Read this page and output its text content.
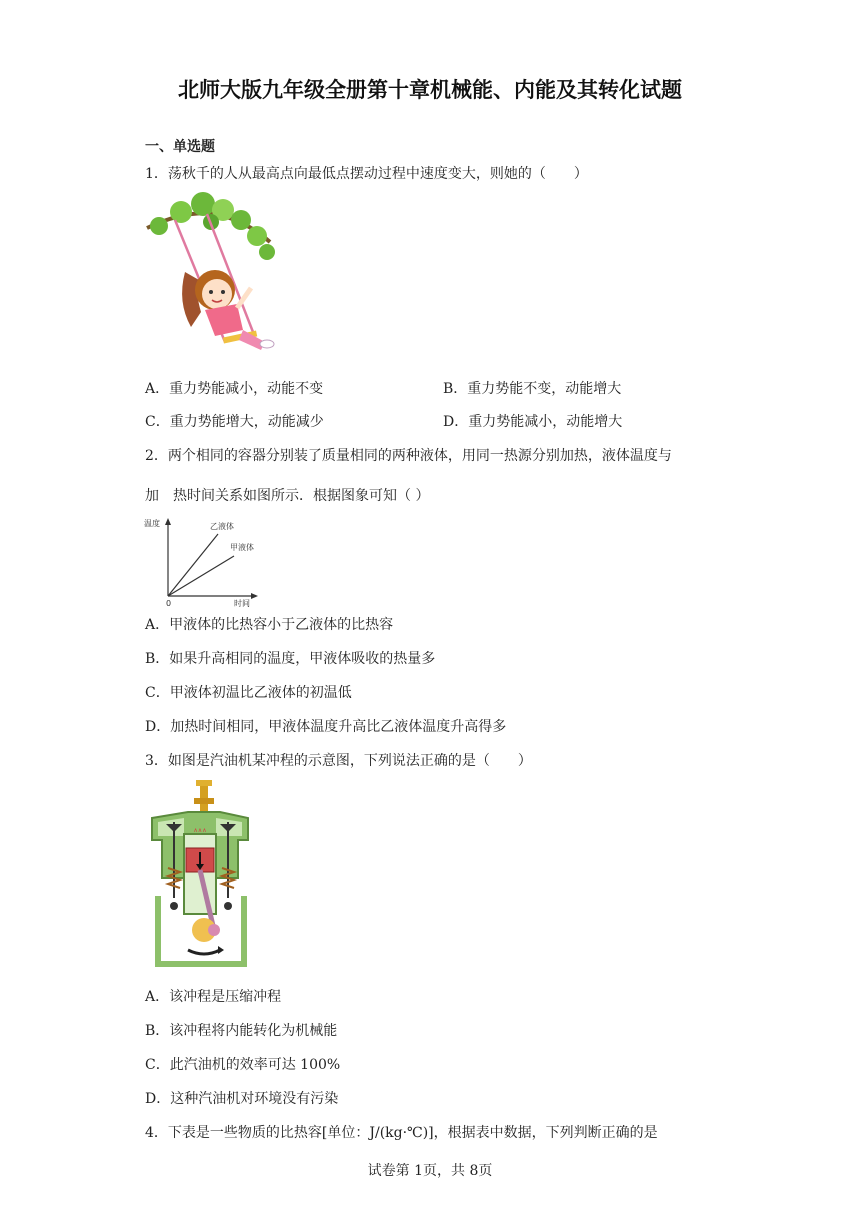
北师大版九年级全册第十章机械能、内能及其转化试题
一、单选题
1．荡秋千的人从最高点向最低点摆动过程中速度变大，则她的（　　）
A．重力势能减小，动能不变	B．重力势能不变，动能增大
C．重力势能增大，动能减少	D．重力势能减小，动能增大
2．两个相同的容器分别装了质量相同的两种液体，用同一热源分别加热，液体温度与
加　热时间关系如图所示．根据图象可知（ ）
温度	乙液体
甲液体
0	时间
A．甲液体的比热容小于乙液体的比热容
B．如果升高相同的温度，甲液体吸收的热量多
C．甲液体初温比乙液体的初温低
D．加热时间相同，甲液体温度升高比乙液体温度升高得多
3．如图是汽油机某冲程的示意图，下列说法正确的是（　　）
∧∧∧
A．该冲程是压缩冲程
B．该冲程将内能转化为机械能
C．此汽油机的效率可达 100%
D．这种汽油机对环境没有污染
4．下表是一些物质的比热容[单位：J/(kg·℃)]，根据表中数据，下列判断正确的是
试卷第 1页，共 8页
